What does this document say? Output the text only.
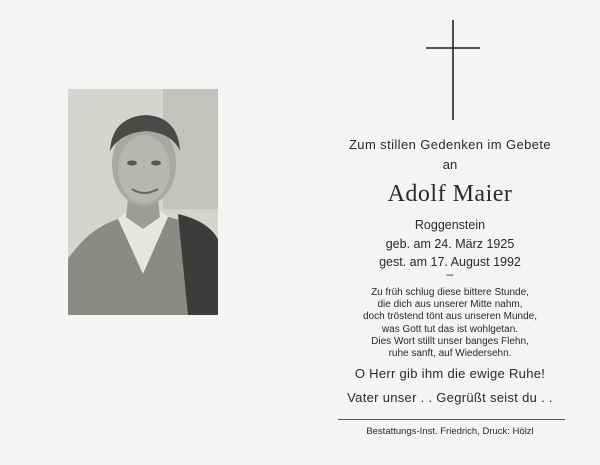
Zum stillen Gedenken im Gebete
an
Adolf Maier
Roggenstein
geb. am 24. März 1925
gest. am 17. August 1992
–
Zu früh schlug diese bittere Stunde,
die dich aus unserer Mitte nahm,
doch tröstend tönt aus unseren Munde,
was Gott tut das ist wohlgetan.
Dies Wort stillt unser banges Flehn,
ruhe sanft, auf Wiedersehn.
O Herr gib ihm die ewige Ruhe!
Vater unser . . Gegrüßt seist du . .
Bestattungs-Inst. Friedrich, Druck: Hölzl
